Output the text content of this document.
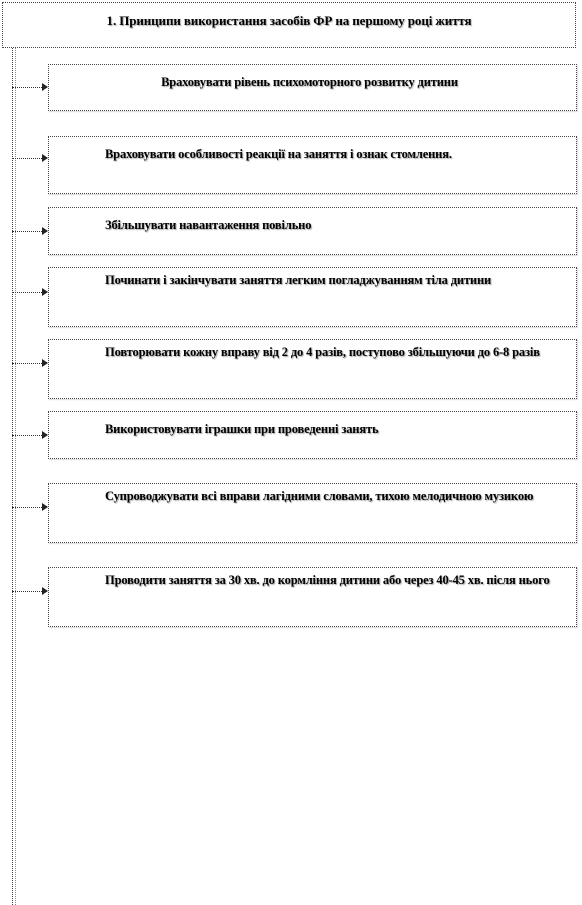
1. Принципи використання засобів ФР на першому році життя
Враховувати рівень психомоторного розвитку дитини
Враховувати особливості реакції на заняття і ознак стомлення.
Збільшувати навантаження повільно
Починати і закінчувати заняття легким погладжуванням тіла дитини
Повторювати кожну вправу від 2 до 4 разів, поступово збільшуючи до 6-8 разів
Використовувати іграшки при проведенні занять
Супроводжувати всі вправи лагідними словами, тихою мелодичною музикою
Проводити заняття за 30 хв. до кормління дитини або через 40-45 хв. після нього
